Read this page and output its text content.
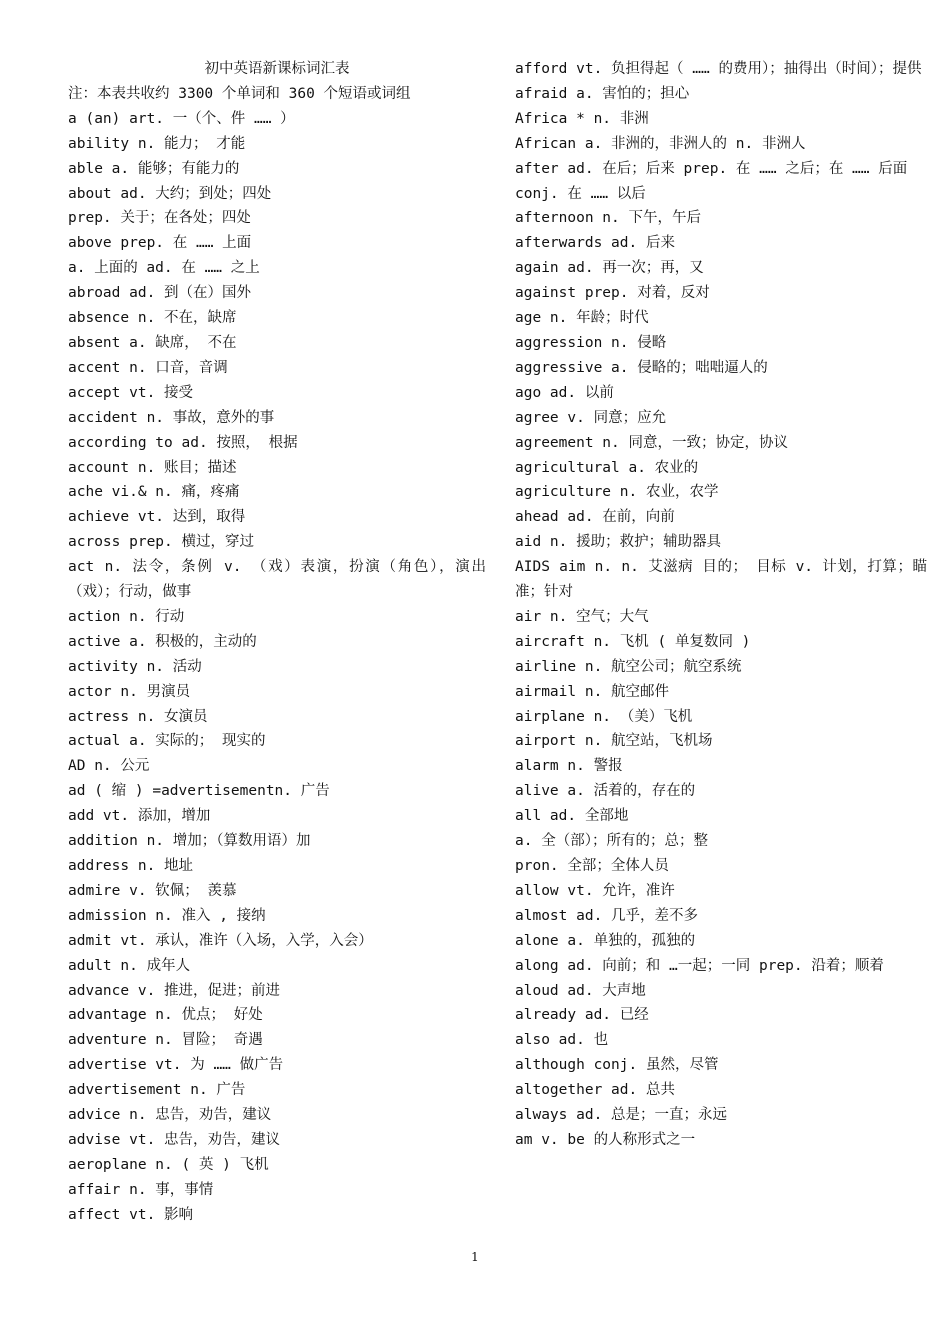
初中英语新课标词汇表
注：本表共收约 3300 个单词和 360 个短语或词组
a (an) art. 一（个、件 …… ）
ability n. 能力； 才能
able a. 能够；有能力的
about ad. 大约；到处；四处
prep. 关于；在各处；四处
above prep. 在 …… 上面
a. 上面的 ad. 在 …… 之上
abroad ad. 到（在）国外
absence n. 不在，缺席
absent a. 缺席， 不在
accent n. 口音，音调
accept vt. 接受
accident n. 事故，意外的事
according to ad. 按照， 根据
account n. 账目；描述
ache vi.& n. 痛，疼痛
achieve vt. 达到，取得
across prep. 横过，穿过
act n. 法令，条例 v. （戏）表演，扮演（角色），演出（戏）；行动，做事
action n. 行动
active a. 积极的，主动的
activity n. 活动
actor n. 男演员
actress n. 女演员
actual a. 实际的； 现实的
AD n. 公元
ad ( 缩 ) =advertisementn. 广告
add vt. 添加，增加
addition n. 增加；（算数用语）加
address n. 地址
admire v. 钦佩； 羡慕
admission n. 准入 , 接纳
admit vt. 承认，准许（入场，入学，入会）
adult n. 成年人
advance v. 推进，促进；前进
advantage n. 优点； 好处
adventure n. 冒险； 奇遇
advertise vt. 为 …… 做广告
advertisement n. 广告
advice n. 忠告，劝告，建议
advise vt. 忠告，劝告，建议
aeroplane n. ( 英 ) 飞机
affair n. 事，事情
affect vt. 影响
afford vt. 负担得起（ …… 的费用）；抽得出（时间）；提供
afraid a. 害怕的；担心
Africa * n. 非洲
African a. 非洲的，非洲人的 n. 非洲人
after ad. 在后；后来 prep. 在 …… 之后；在 …… 后面
conj. 在 …… 以后
afternoon n. 下午，午后
afterwards ad. 后来
again ad. 再一次；再，又
against prep. 对着，反对
age n. 年龄；时代
aggression n. 侵略
aggressive a. 侵略的；咄咄逼人的
ago ad. 以前
agree v. 同意；应允
agreement n. 同意，一致；协定，协议
agricultural a. 农业的
agriculture n. 农业，农学
ahead ad. 在前，向前
aid n. 援助；救护；辅助器具
AIDS aim n. n. 艾滋病 目的； 目标 v. 计划，打算；瞄准；针对
air n. 空气；大气
aircraft n. 飞机 ( 单复数同 )
airline n. 航空公司；航空系统
airmail n. 航空邮件
airplane n. （美）飞机
airport n. 航空站，飞机场
alarm n. 警报
alive a. 活着的，存在的
all ad. 全部地
a. 全（部）；所有的；总；整
pron. 全部；全体人员
allow vt. 允许，准许
almost ad. 几乎，差不多
alone a. 单独的，孤独的
along ad. 向前；和 …一起；一同 prep. 沿着；顺着
aloud ad. 大声地
already ad. 已经
also ad. 也
although conj. 虽然，尽管
altogether ad. 总共
always ad. 总是；一直；永远
am v. be 的人称形式之一
1
